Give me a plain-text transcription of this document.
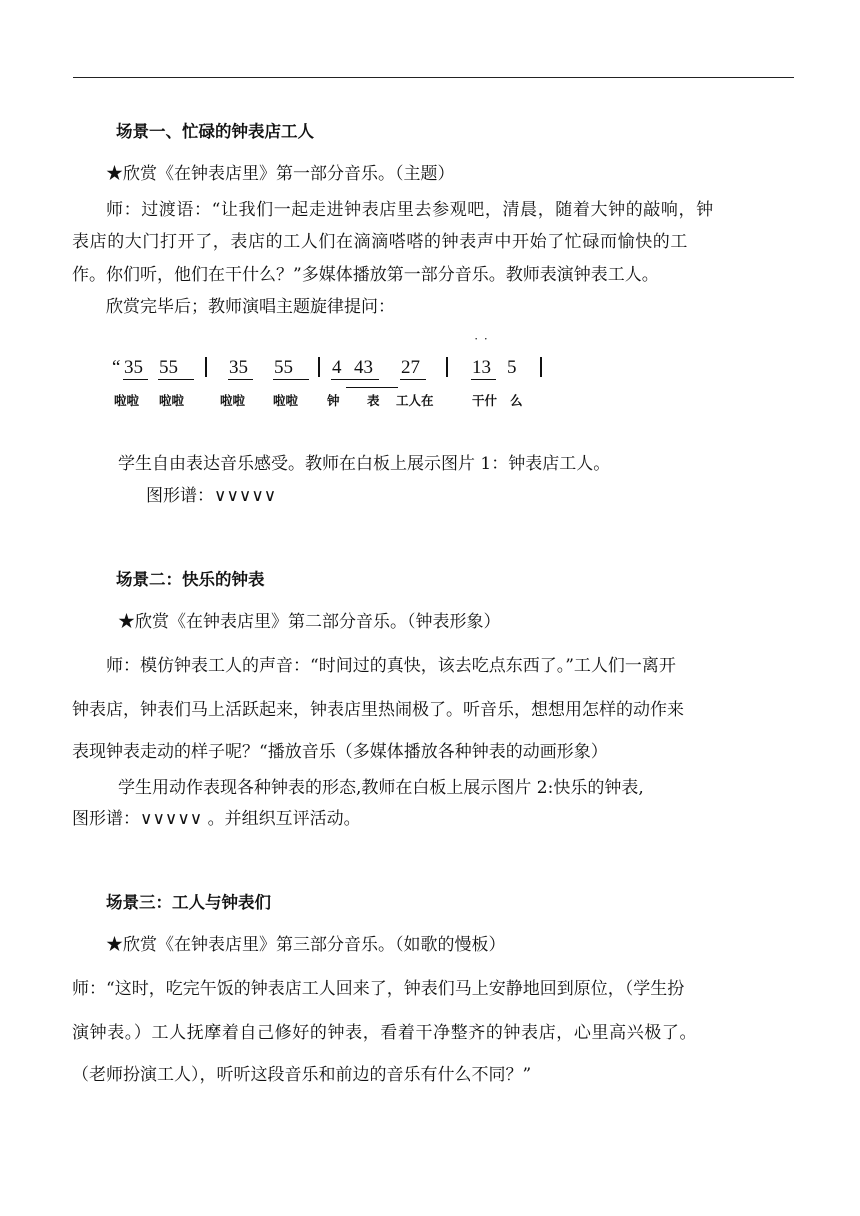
场景一、忙碌的钟表店工人
★欣赏《在钟表店里》第一部分音乐。（主题）
师：过渡语：“让我们一起走进钟表店里去参观吧，清晨，随着大钟的敲响，钟
表店的大门打开了，表店的工人们在滴滴嗒嗒的钟表声中开始了忙碌而愉快的工
作。你们听，他们在干什么？”多媒体播放第一部分音乐。教师表演钟表工人。
欣赏完毕后；教师演唱主题旋律提问：
· ·
“ 35 55	35 55 4 43 27	13 5
啦啦 啦啦	啦啦 啦啦 钟 表 工人在	干什 么
学生自由表达音乐感受。教师在白板上展示图片 1：钟表店工人。
图形谱：∨∨∨∨∨
场景二：快乐的钟表
★欣赏《在钟表店里》第二部分音乐。（钟表形象）
师：模仿钟表工人的声音：“时间过的真快，该去吃点东西了。”工人们一离开
钟表店，钟表们马上活跃起来，钟表店里热闹极了。听音乐，想想用怎样的动作来
表现钟表走动的样子呢？“播放音乐（多媒体播放各种钟表的动画形象）
学生用动作表现各种钟表的形态,教师在白板上展示图片 2:快乐的钟表,
图形谱：∨∨∨∨∨ 。并组织互评活动。
场景三：工人与钟表们
★欣赏《在钟表店里》第三部分音乐。（如歌的慢板）
师：“这时，吃完午饭的钟表店工人回来了，钟表们马上安静地回到原位，（学生扮
演钟表。）工人抚摩着自己修好的钟表，看着干净整齐的钟表店，心里高兴极了。
（老师扮演工人），听听这段音乐和前边的音乐有什么不同？”
